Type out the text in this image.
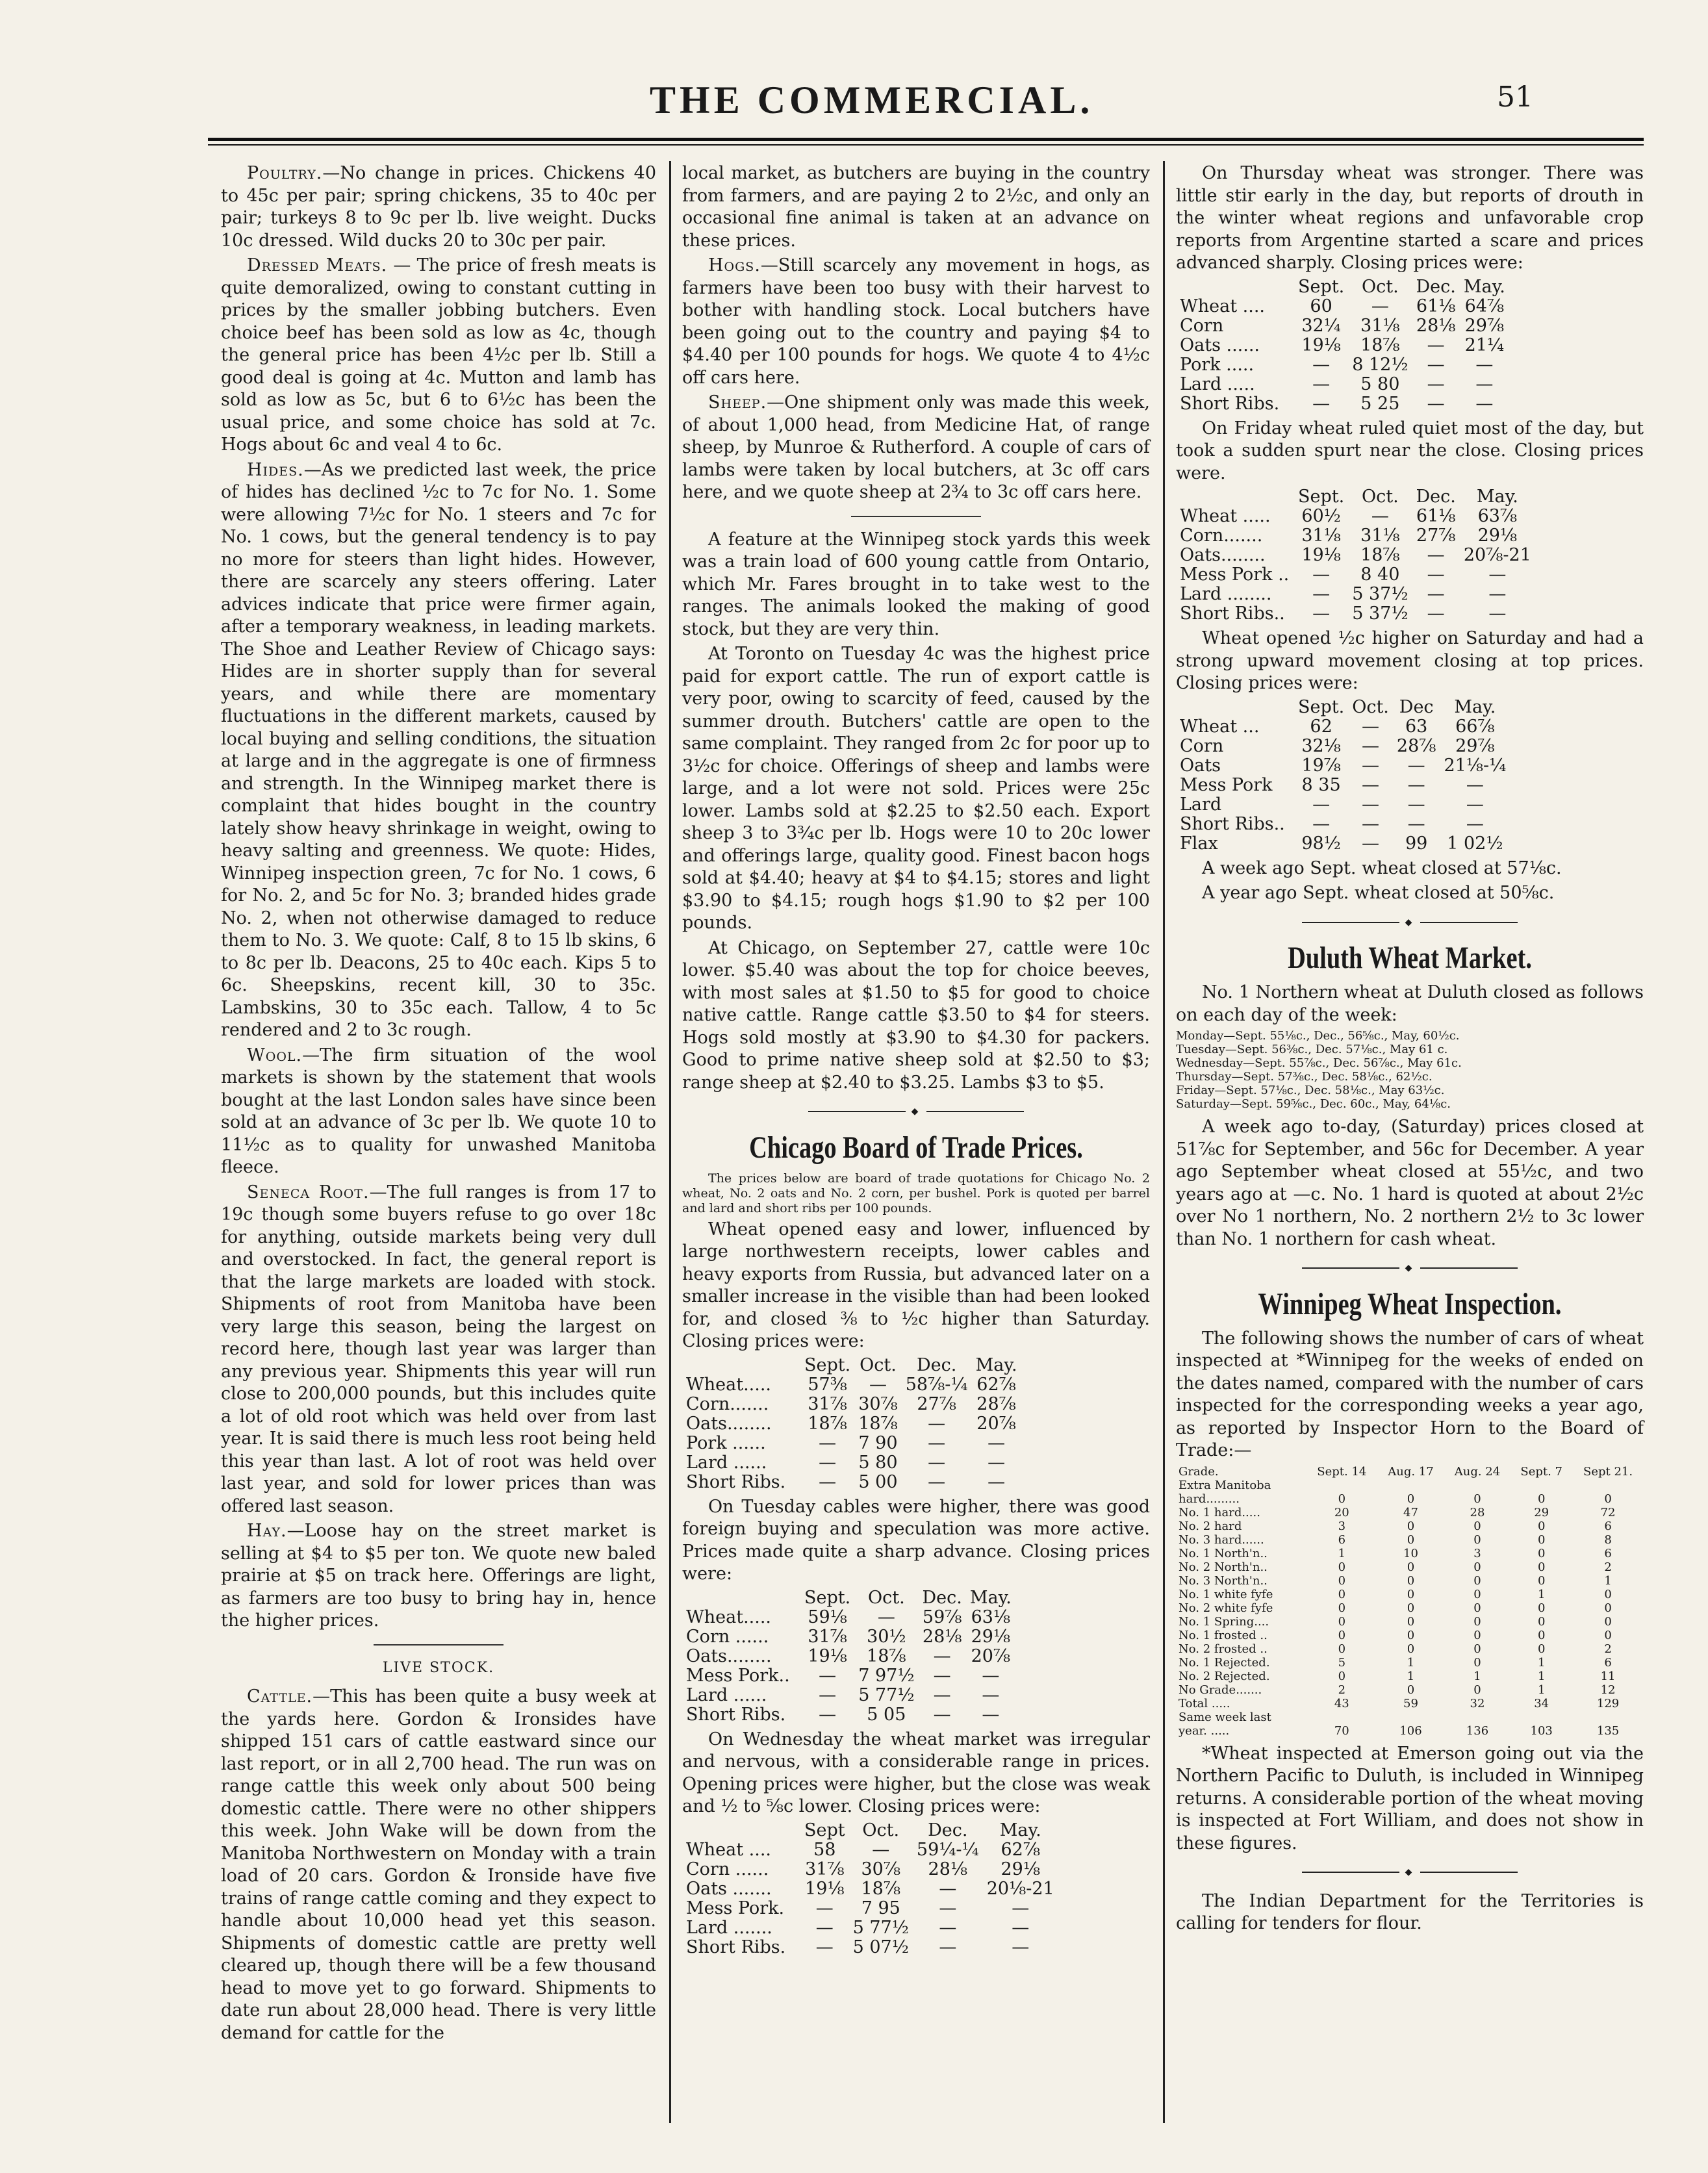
THE COMMERCIAL.	51

Poultry.—No change in prices. Chickens 40 to 45c per pair; spring chickens, 35 to 40c per pair; turkeys 8 to 9c per lb. live weight. Ducks 10c dressed. Wild ducks 20 to 30c per pair.

Dressed Meats. — The price of fresh meats is quite demoralized, owing to constant cutting in prices by the smaller jobbing butchers. Even choice beef has been sold as low as 4c, though the general price has been 4½c per lb. Still a good deal is going at 4c. Mutton and lamb has sold as low as 5c, but 6 to 6½c has been the usual price, and some choice has sold at 7c. Hogs about 6c and veal 4 to 6c.

Hides.—As we predicted last week, the price of hides has declined ½c to 7c for No. 1. Some were allowing 7½c for No. 1 steers and 7c for No. 1 cows, but the general tendency is to pay no more for steers than light hides. However, there are scarcely any steers offering. Later advices indicate that price were firmer again, after a temporary weakness, in leading markets. The Shoe and Leather Review of Chicago says: Hides are in shorter supply than for several years, and while there are momentary fluctuations in the different markets, caused by local buying and selling conditions, the situation at large and in the aggregate is one of firmness and strength. In the Winnipeg market there is complaint that hides bought in the country lately show heavy shrinkage in weight, owing to heavy salting and greenness. We quote: Hides, Winnipeg inspection green, 7c for No. 1 cows, 6 for No. 2, and 5c for No. 3; branded hides grade No. 2, when not otherwise damaged to reduce them to No. 3. We quote: Calf, 8 to 15 lb skins, 6 to 8c per lb. Deacons, 25 to 40c each. Kips 5 to 6c. Sheepskins, recent kill, 30 to 35c. Lambskins, 30 to 35c each. Tallow, 4 to 5c rendered and 2 to 3c rough.

Wool.—The firm situation of the wool markets is shown by the statement that wools bought at the last London sales have since been sold at an advance of 3c per lb. We quote 10 to 11½c as to quality for unwashed Manitoba fleece.

Seneca Root.—The full ranges is from 17 to 19c though some buyers refuse to go over 18c for anything, outside markets being very dull and overstocked. In fact, the general report is that the large markets are loaded with stock. Shipments of root from Manitoba have been very large this season, being the largest on record here, though last year was larger than any previous year. Shipments this year will run close to 200,000 pounds, but this includes quite a lot of old root which was held over from last year. It is said there is much less root being held this year than last. A lot of root was held over last year, and sold for lower prices than was offered last season.

Hay.—Loose hay on the street market is selling at $4 to $5 per ton. We quote new baled prairie at $5 on track here. Offerings are light, as farmers are too busy to bring hay in, hence the higher prices.

LIVE STOCK.

Cattle.—This has been quite a busy week at the yards here. Gordon & Ironsides have shipped 151 cars of cattle eastward since our last report, or in all 2,700 head. The run was on range cattle this week only about 500 being domestic cattle. There were no other shippers this week. John Wake will be down from the Manitoba Northwestern on Monday with a train load of 20 cars. Gordon & Ironside have five trains of range cattle coming and they expect to handle about 10,000 head yet this season. Shipments of domestic cattle are pretty well cleared up, though there will be a few thousand head to move yet to go forward. Shipments to date run about 28,000 head. There is very little demand for cattle for the

local market, as butchers are buying in the country from farmers, and are paying 2 to 2½c, and only an occasional fine animal is taken at an advance on these prices.

Hogs.—Still scarcely any movement in hogs, as farmers have been too busy with their harvest to bother with handling stock. Local butchers have been going out to the country and paying $4 to $4.40 per 100 pounds for hogs. We quote 4 to 4½c off cars here.

Sheep.—One shipment only was made this week, of about 1,000 head, from Medicine Hat, of range sheep, by Munroe & Rutherford. A couple of cars of lambs were taken by local butchers, at 3c off cars here, and we quote sheep at 2¾ to 3c off cars here.

A feature at the Winnipeg stock yards this week was a train load of 600 young cattle from Ontario, which Mr. Fares brought in to take west to the ranges. The animals looked the making of good stock, but they are very thin.

At Toronto on Tuesday 4c was the highest price paid for export cattle. The run of export cattle is very poor, owing to scarcity of feed, caused by the summer drouth. Butchers' cattle are open to the same complaint. They ranged from 2c for poor up to 3½c for choice. Offerings of sheep and lambs were large, and a lot were not sold. Prices were 25c lower. Lambs sold at $2.25 to $2.50 each. Export sheep 3 to 3¾c per lb. Hogs were 10 to 20c lower and offerings large, quality good. Finest bacon hogs sold at $4.40; heavy at $4 to $4.15; stores and light $3.90 to $4.15; rough hogs $1.90 to $2 per 100 pounds.

At Chicago, on September 27, cattle were 10c lower. $5.40 was about the top for choice beeves, with most sales at $1.50 to $5 for good to choice native cattle. Range cattle $3.50 to $4 for steers. Hogs sold mostly at $3.90 to $4.30 for packers. Good to prime native sheep sold at $2.50 to $3; range sheep at $2.40 to $3.25. Lambs $3 to $5.

◆
Chicago Board of Trade Prices.

The prices below are board of trade quotations for Chicago No. 2 wheat, No. 2 oats and No. 2 corn, per bushel. Pork is quoted per barrel and lard and short ribs per 100 pounds.

Wheat opened easy and lower, influenced by large northwestern receipts, lower cables and heavy exports from Russia, but advanced later on a smaller increase in the visible than had been looked for, and closed ⅜ to ½c higher than Saturday. Closing prices were:

	Sept.	Oct.	Dec.	May.
Wheat.....	57⅜	—	58⅞-¼	62⅞
Corn.......	31⅞	30⅞	27⅞	28⅞
Oats........	18⅞	18⅞	—	20⅞
Pork ......	—	7 90	—	—
Lard ......	—	5 80	—	—
Short Ribs.	—	5 00	—	—

On Tuesday cables were higher, there was good foreign buying and speculation was more active. Prices made quite a sharp advance. Closing prices were:

	Sept.	Oct.	Dec.	May.
Wheat.....	59⅛	—	59⅞	63⅛
Corn ......	31⅞	30½	28⅛	29⅛
Oats........	19⅛	18⅞	—	20⅞
Mess Pork..	—	7 97½	—	—
Lard ......	—	5 77½	—	—
Short Ribs.	—	5 05	—	—

On Wednesday the wheat market was irregular and nervous, with a considerable range in prices. Opening prices were higher, but the close was weak and ½ to ⅝c lower. Closing prices were:

	Sept	Oct.	Dec.	May.
Wheat ....	58	—	59¼-¼	62⅞
Corn ......	31⅞	30⅞	28⅛	29⅛
Oats .......	19⅛	18⅞	—	20⅛-21
Mess Pork.	—	7 95	—	—
Lard .......	—	5 77½	—	—
Short Ribs.	—	5 07½	—	—

On Thursday wheat was stronger. There was little stir early in the day, but reports of drouth in the winter wheat regions and unfavorable crop reports from Argentine started a scare and prices advanced sharply. Closing prices were:

	Sept.	Oct.	Dec.	May.
Wheat ....	60	—	61⅛	64⅞
Corn	32¼	31⅛	28⅛	29⅞
Oats ......	19⅛	18⅞	—	21¼
Pork .....	—	8 12½	—	—
Lard .....	—	5 80	—	—
Short Ribs.	—	5 25	—	—

On Friday wheat ruled quiet most of the day, but took a sudden spurt near the close. Closing prices were.

	Sept.	Oct.	Dec.	May.
Wheat .....	60½	—	61⅛	63⅞
Corn.......	31⅛	31⅛	27⅞	29⅛
Oats........	19⅛	18⅞	—	20⅞-21
Mess Pork ..	—	8 40	—	—
Lard ........	—	5 37½	—	—
Short Ribs..	—	5 37½	—	—

Wheat opened ½c higher on Saturday and had a strong upward movement closing at top prices. Closing prices were:

	Sept.	Oct.	Dec	May.
Wheat ...	62	—	63	66⅞
Corn	32⅛	—	28⅞	29⅞
Oats	19⅞	—	—	21⅛-¼
Mess Pork	8 35	—	—	—
Lard	—	—	—	—
Short Ribs..	—	—	—	—
Flax	98½	—	99	1 02½

A week ago Sept. wheat closed at 57⅛c.

A year ago Sept. wheat closed at 50⅝c.

◆
Duluth Wheat Market.

No. 1 Northern wheat at Duluth closed as follows on each day of the week:

Monday—Sept. 55⅛c., Dec., 56⅝c., May, 60½c.
Tuesday—Sept. 56⅜c., Dec. 57⅛c., May 61 c.
Wednesday—Sept. 55⅞c., Dec. 56⅞c., May 61c.
Thursday—Sept. 57⅜c., Dec. 58⅛c., 62½c.
Friday—Sept. 57⅛c., Dec. 58⅛c., May 63½c.
Saturday—Sept. 59⅝c., Dec. 60c., May, 64⅛c.

A week ago to-day, (Saturday) prices closed at 51⅞c for September, and 56c for December. A year ago September wheat closed at 55½c, and two years ago at —c. No. 1 hard is quoted at about 2½c over No 1 northern, No. 2 northern 2½ to 3c lower than No. 1 northern for cash wheat.

◆
Winnipeg Wheat Inspection.

The following shows the number of cars of wheat inspected at *Winnipeg for the weeks of ended on the dates named, compared with the number of cars inspected for the corresponding weeks a year ago, as reported by Inspector Horn to the Board of Trade:—

Grade.	Sept. 14	Aug. 17	Aug. 24	Sept. 7	Sept 21.
Extra Manitoba					
hard.........	0	0	0	0	0
No. 1 hard.....	20	47	28	29	72
No. 2 hard	3	0	0	0	6
No. 3 hard......	6	0	0	0	8
No. 1 North'n..	1	10	3	0	6
No. 2 North'n..	0	0	0	0	2
No. 3 North'n..	0	0	0	0	1
No. 1 white fyfe	0	0	0	1	0
No. 2 white fyfe	0	0	0	0	0
No. 1 Spring....	0	0	0	0	0
No. 1 frosted ..	0	0	0	0	0
No. 2 frosted ..	0	0	0	0	2
No. 1 Rejected.	5	1	0	1	6
No. 2 Rejected.	0	1	1	1	11
No Grade.......	2	0	0	1	12
Total .....	43	59	32	34	129
Same week last					
year. .....	70	106	136	103	135

*Wheat inspected at Emerson going out via the Northern Pacific to Duluth, is included in Winnipeg returns. A considerable portion of the wheat moving is inspected at Fort William, and does not show in these figures.

◆

The Indian Department for the Territories is calling for tenders for flour.
